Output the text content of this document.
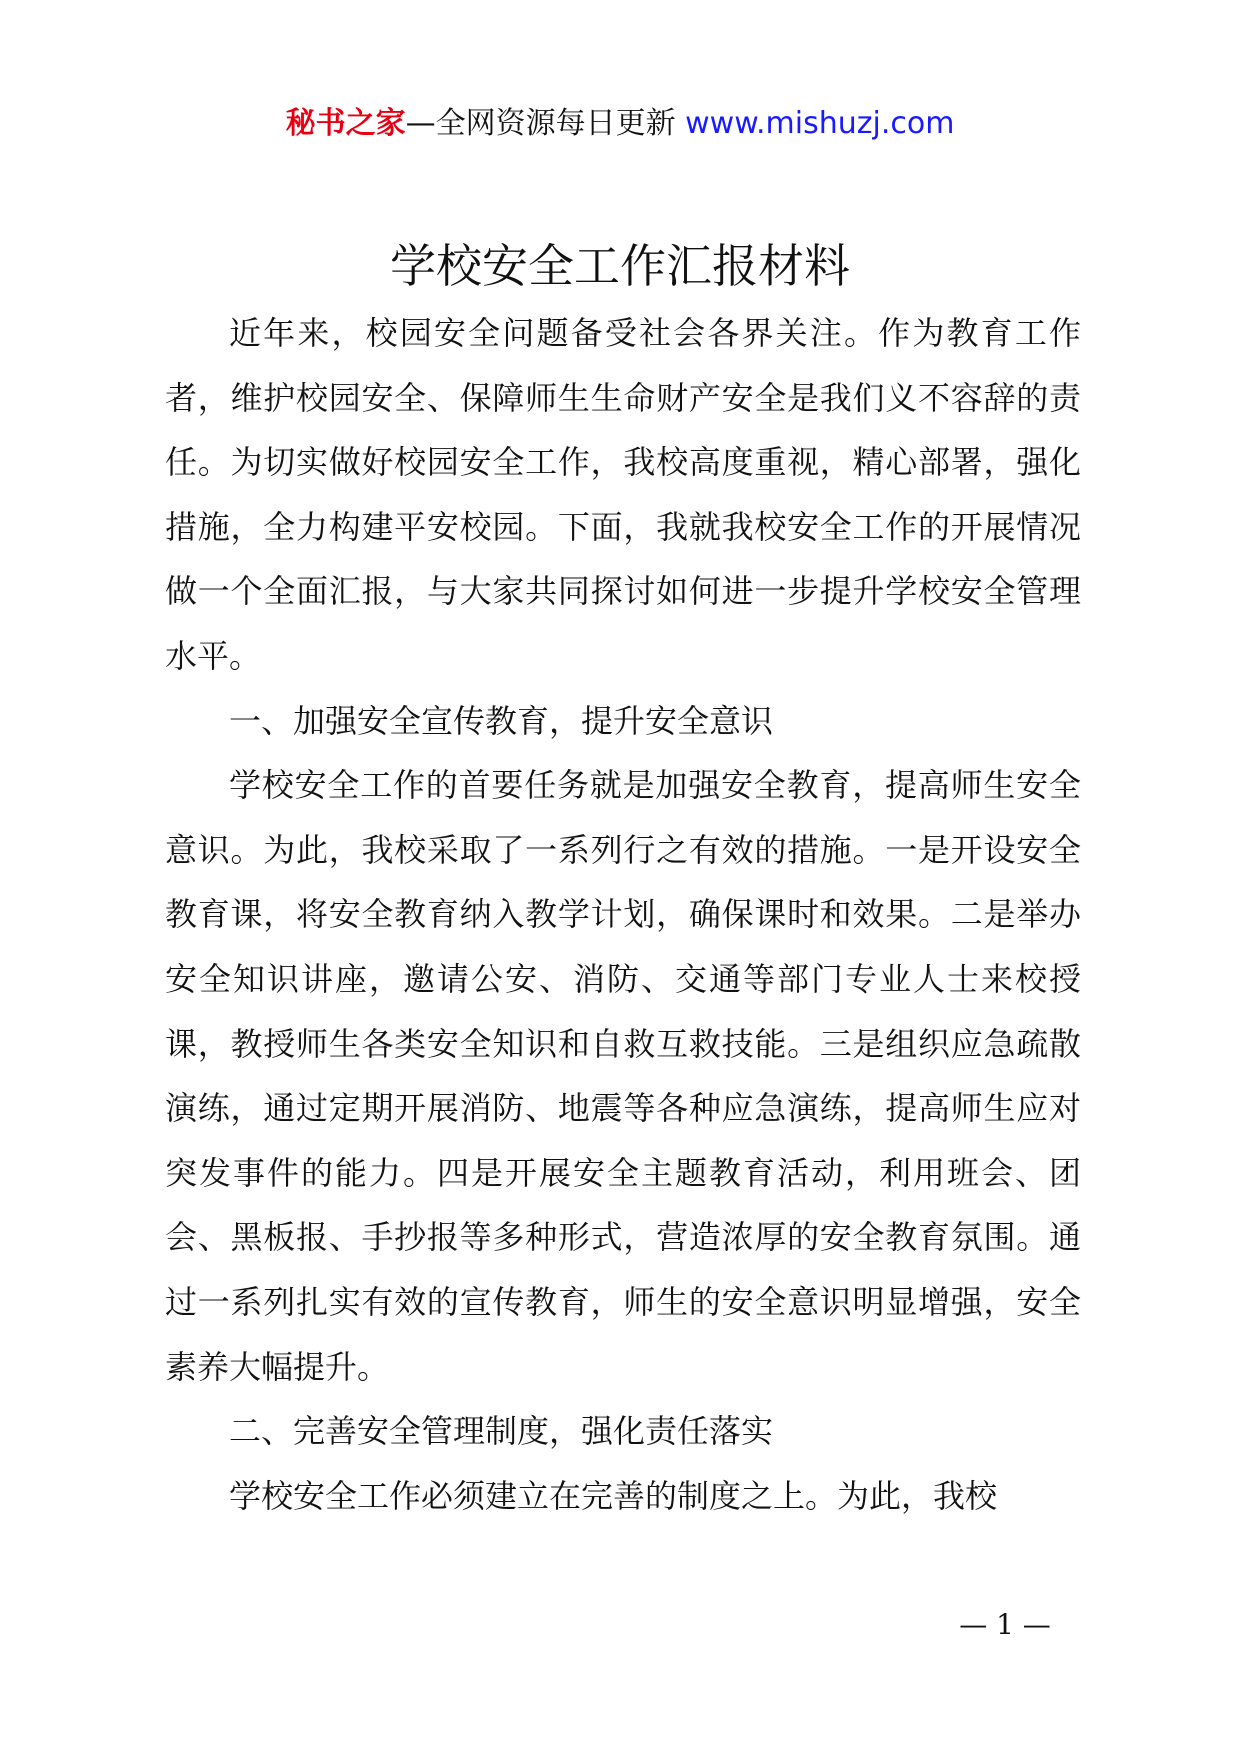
秘书之家—全网资源每日更新 www.mishuzj.com
学校安全工作汇报材料

近年来，校园安全问题备受社会各界关注。作为教育工作者，维护校园安全、保障师生生命财产安全是我们义不容辞的责任。为切实做好校园安全工作，我校高度重视，精心部署，强化措施，全力构建平安校园。下面，我就我校安全工作的开展情况做一个全面汇报，与大家共同探讨如何进一步提升学校安全管理水平。

一、加强安全宣传教育，提升安全意识

学校安全工作的首要任务就是加强安全教育，提高师生安全意识。为此，我校采取了一系列行之有效的措施。一是开设安全教育课，将安全教育纳入教学计划，确保课时和效果。二是举办安全知识讲座，邀请公安、消防、交通等部门专业人士来校授课，教授师生各类安全知识和自救互救技能。三是组织应急疏散演练，通过定期开展消防、地震等各种应急演练，提高师生应对突发事件的能力。四是开展安全主题教育活动，利用班会、团会、黑板报、手抄报等多种形式，营造浓厚的安全教育氛围。通过一系列扎实有效的宣传教育，师生的安全意识明显增强，安全素养大幅提升。

二、完善安全管理制度，强化责任落实

学校安全工作必须建立在完善的制度之上。为此，我校

— 1 —
